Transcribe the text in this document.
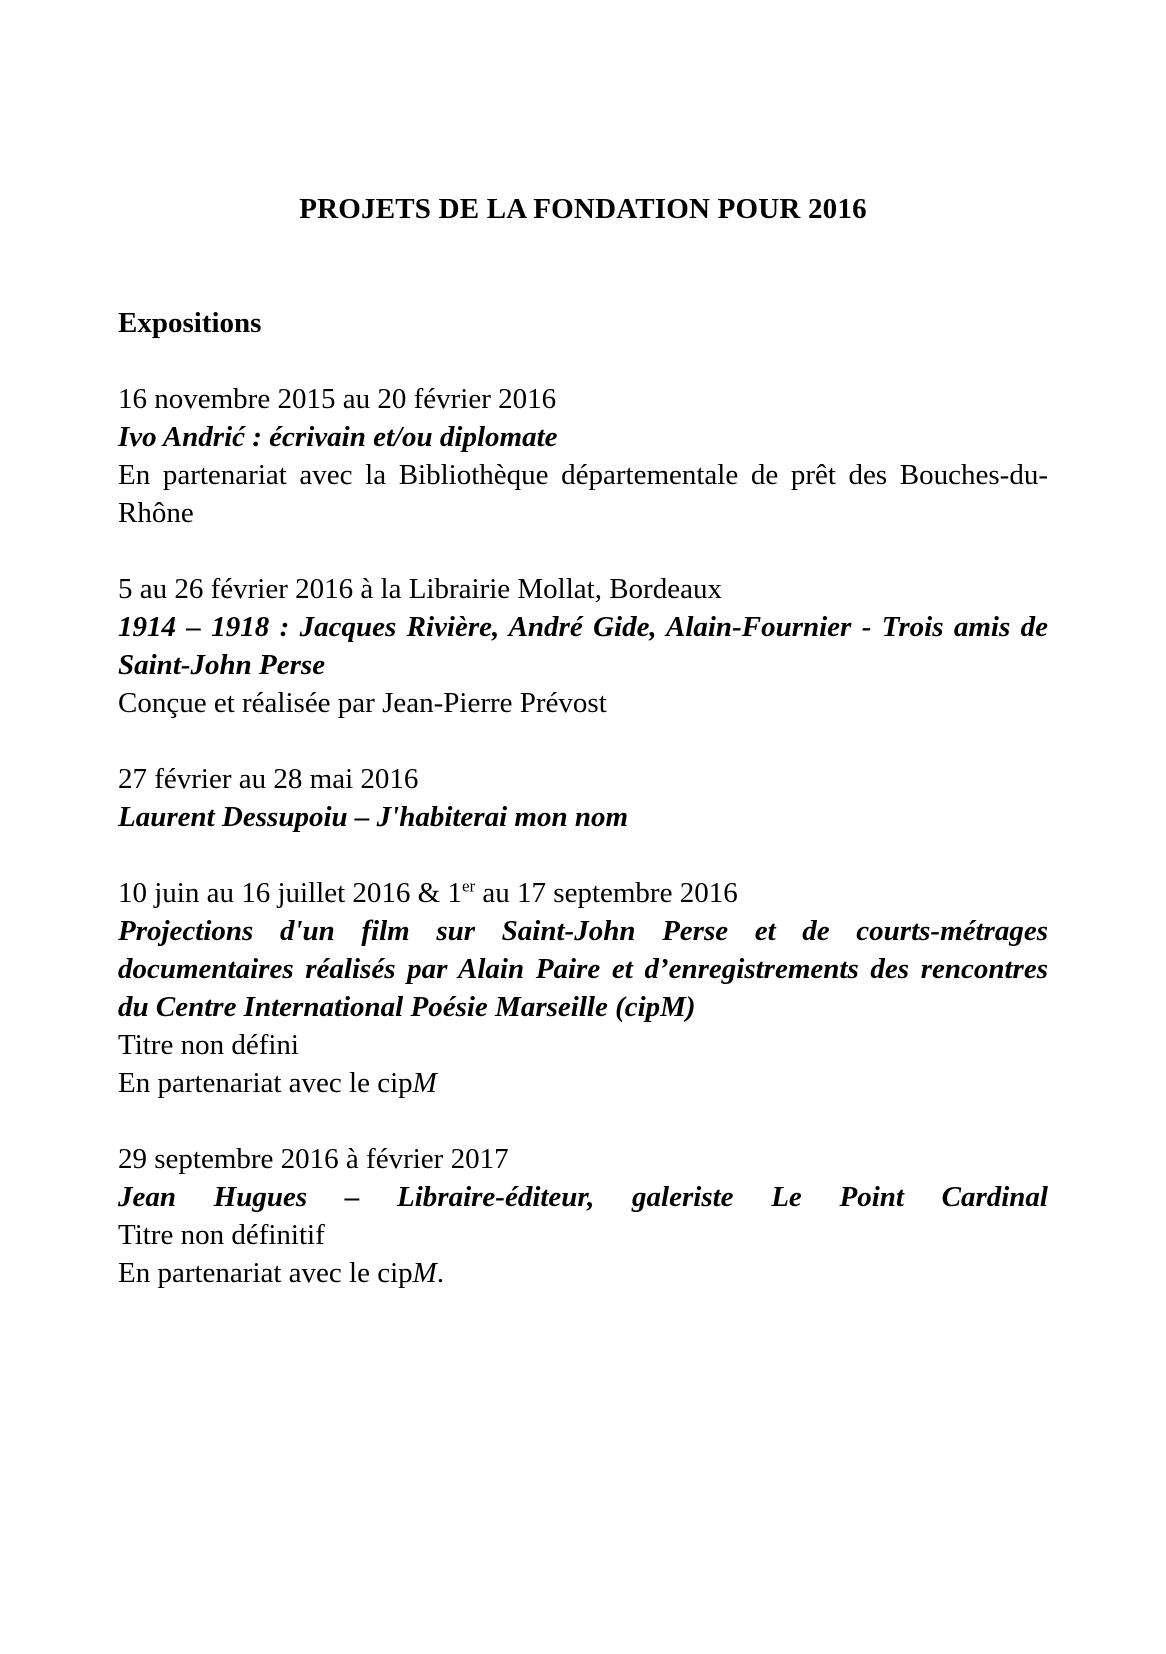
PROJETS DE LA FONDATION POUR 2016
Expositions
16 novembre 2015 au 20 février 2016
Ivo Andrić : écrivain et/ou diplomate
En partenariat avec la Bibliothèque départementale de prêt des Bouches-du-Rhône
5 au 26 février 2016 à la Librairie Mollat, Bordeaux
1914 – 1918 : Jacques Rivière, André Gide, Alain-Fournier - Trois amis de Saint-John Perse
Conçue et réalisée par Jean-Pierre Prévost
27 février au 28 mai 2016
Laurent Dessupoiu – J'habiterai mon nom
10 juin au 16 juillet 2016 & 1er au 17 septembre 2016
Projections d'un film sur Saint-John Perse et de courts-métrages documentaires réalisés par Alain Paire et d’enregistrements des rencontres du Centre International Poésie Marseille (cipM)
Titre non défini
En partenariat avec le cipM
29 septembre 2016 à février 2017
Jean Hugues – Libraire-éditeur, galeriste Le Point Cardinal
Titre non définitif
En partenariat avec le cipM.
